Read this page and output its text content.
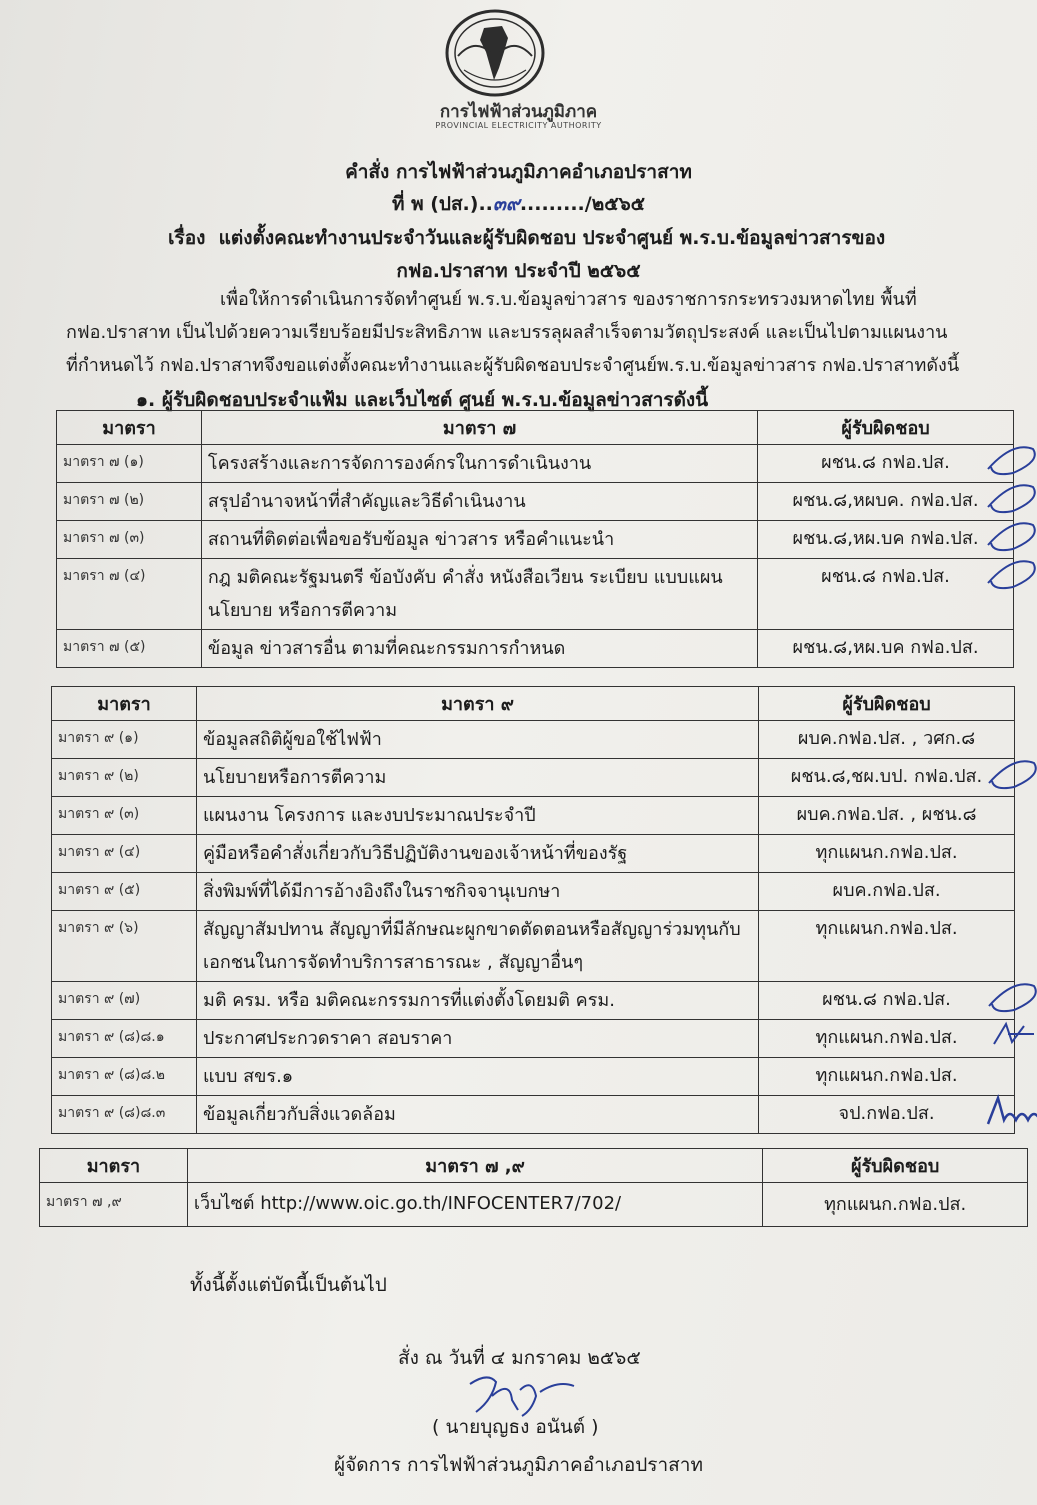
การไฟฟ้าส่วนภูมิภาค
PROVINCIAL ELECTRICITY AUTHORITY
คำสั่ง การไฟฟ้าส่วนภูมิภาคอำเภอปราสาท
ที่ พ (ปส.)..๓๙........./๒๕๖๕
เรื่อง แต่งตั้งคณะทำงานประจำวันและผู้รับผิดชอบ ประจำศูนย์ พ.ร.บ.ข้อมูลข่าวสารของ
กฟอ.ปราสาท ประจำปี ๒๕๖๕
เพื่อให้การดำเนินการจัดทำศูนย์ พ.ร.บ.ข้อมูลข่าวสาร ของราชการกระทรวงมหาดไทย พื้นที่
กฟอ.ปราสาท เป็นไปด้วยความเรียบร้อยมีประสิทธิภาพ และบรรลุผลสำเร็จตามวัตถุประสงค์ และเป็นไปตามแผนงาน
ที่กำหนดไว้ กฟอ.ปราสาทจึงขอแต่งตั้งคณะทำงานและผู้รับผิดชอบประจำศูนย์พ.ร.บ.ข้อมูลข่าวสาร กฟอ.ปราสาทดังนี้
๑. ผู้รับผิดชอบประจำแฟ้ม และเว็บไซต์ ศูนย์ พ.ร.บ.ข้อมูลข่าวสารดังนี้
มาตรา	มาตรา ๗	ผู้รับผิดชอบ
มาตรา ๗ (๑)	โครงสร้างและการจัดการองค์กรในการดำเนินงาน	ผชน.๘ กฟอ.ปส.

มาตรา ๗ (๒)	สรุปอำนาจหน้าที่สำคัญและวิธีดำเนินงาน	ผชน.๘,หผบค. กฟอ.ปส.

มาตรา ๗ (๓)	สถานที่ติดต่อเพื่อขอรับข้อมูล ข่าวสาร หรือคำแนะนำ	ผชน.๘,หผ.บค กฟอ.ปส.

มาตรา ๗ (๔)	กฎ มติคณะรัฐมนตรี ข้อบังคับ คำสั่ง หนังสือเวียน ระเบียบ แบบแผน นโยบาย หรือการตีความ	ผชน.๘ กฟอ.ปส.

มาตรา ๗ (๕)	ข้อมูล ข่าวสารอื่น ตามที่คณะกรรมการกำหนด	ผชน.๘,หผ.บค กฟอ.ปส.
มาตรา	มาตรา ๙	ผู้รับผิดชอบ
มาตรา ๙ (๑)	ข้อมูลสถิติผู้ขอใช้ไฟฟ้า	ผบค.กฟอ.ปส. , วศก.๘
มาตรา ๙ (๒)	นโยบายหรือการตีความ	ผชน.๘,ชผ.บป. กฟอ.ปส.

มาตรา ๙ (๓)	แผนงาน โครงการ และงบประมาณประจำปี	ผบค.กฟอ.ปส. , ผชน.๘
มาตรา ๙ (๔)	คู่มือหรือคำสั่งเกี่ยวกับวิธีปฏิบัติงานของเจ้าหน้าที่ของรัฐ	ทุกแผนก.กฟอ.ปส.
มาตรา ๙ (๕)	สิ่งพิมพ์ที่ได้มีการอ้างอิงถึงในราชกิจจานุเบกษา	ผบค.กฟอ.ปส.
มาตรา ๙ (๖)	สัญญาสัมปทาน สัญญาที่มีลักษณะผูกขาดตัดตอนหรือสัญญาร่วมทุนกับเอกชนในการจัดทำบริการสาธารณะ , สัญญาอื่นๆ	ทุกแผนก.กฟอ.ปส.
มาตรา ๙ (๗)	มติ ครม. หรือ มติคณะกรรมการที่แต่งตั้งโดยมติ ครม.	ผชน.๘ กฟอ.ปส.

มาตรา ๙ (๘)๘.๑	ประกาศประกวดราคา สอบราคา	ทุกแผนก.กฟอ.ปส.

มาตรา ๙ (๘)๘.๒	แบบ สขร.๑	ทุกแผนก.กฟอ.ปส.
มาตรา ๙ (๘)๘.๓	ข้อมูลเกี่ยวกับสิ่งแวดล้อม	จป.กฟอ.ปส.
มาตรา	มาตรา ๗ ,๙	ผู้รับผิดชอบ
มาตรา ๗ ,๙	เว็บไซต์ http://www.oic.go.th/INFOCENTER7/702/	ทุกแผนก.กฟอ.ปส.
ทั้งนี้ตั้งแต่บัดนี้เป็นต้นไป
สั่ง ณ วันที่ ๔ มกราคม ๒๕๖๕
( นายบุญธง อนันต์ )
ผู้จัดการ การไฟฟ้าส่วนภูมิภาคอำเภอปราสาท
